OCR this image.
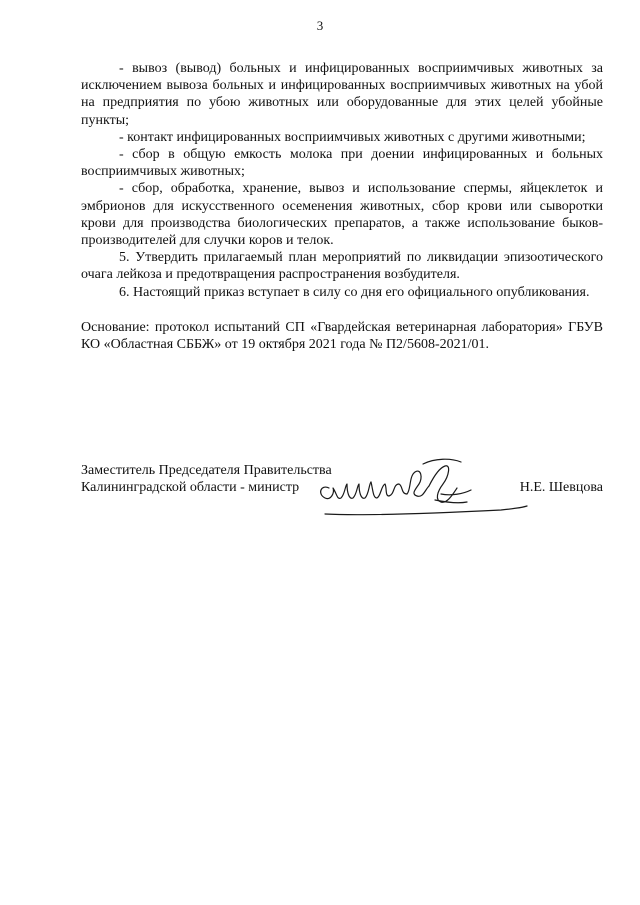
3

- вывоз (вывод) больных и инфицированных восприимчивых животных за исключением вывоза больных и инфицированных восприимчивых животных на убой на предприятия по убою животных или оборудованные для этих целей убойные пункты;

- контакт инфицированных восприимчивых животных с другими животными;

- сбор в общую емкость молока при доении инфицированных и больных восприимчивых животных;

- сбор, обработка, хранение, вывоз и использование спермы, яйцеклеток и эмбрионов для искусственного осеменения животных, сбор крови или сыворотки крови для производства биологических препаратов, а также использование быков-производителей для случки коров и телок.

5. Утвердить прилагаемый план мероприятий по ликвидации эпизоотического очага лейкоза и предотвращения распространения возбудителя.

6. Настоящий приказ вступает в силу со дня его официального опубликования.

Основание: протокол испытаний СП «Гвардейская ветеринарная лаборатория» ГБУВ КО «Областная СББЖ» от 19 октября 2021 года № П2/5608-2021/01.

Заместитель Председателя Правительства
Калининградской области - министр	Н.Е. Шевцова
